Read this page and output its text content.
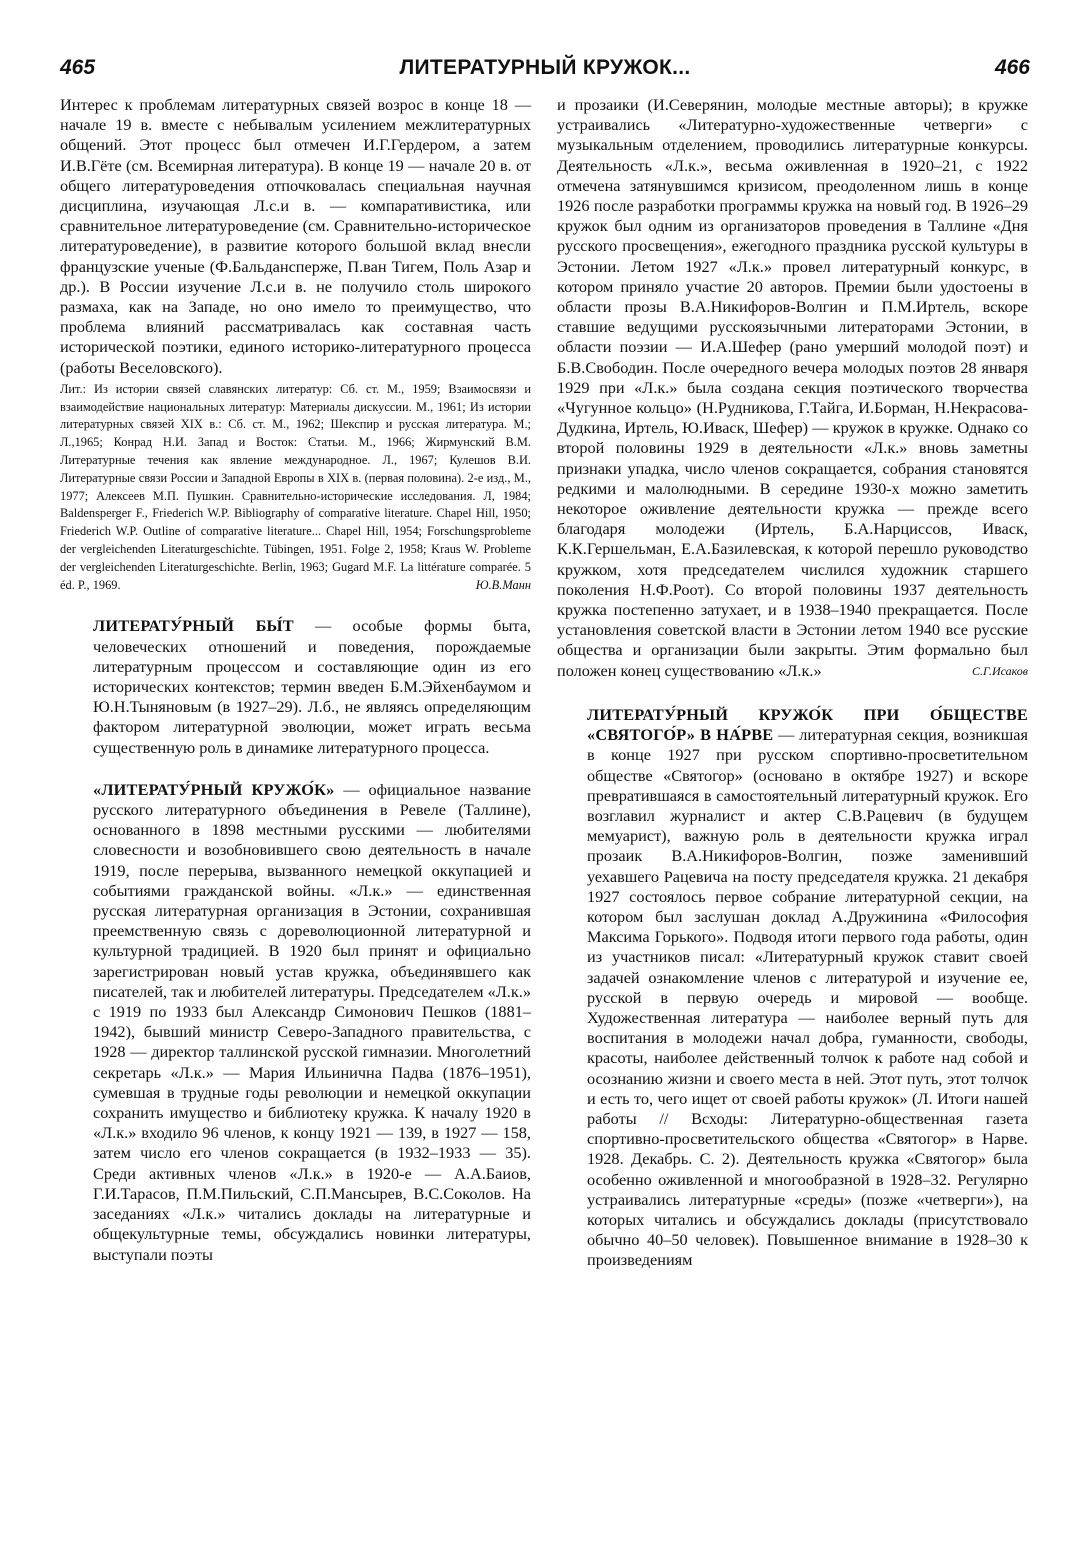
465	ЛИТЕРАТУРНЫЙ КРУЖОК...	466

Интерес к проблемам литературных связей возрос в конце 18 — начале 19 в. вместе с небывалым усилением межлитературных общений. Этот процесс был отмечен И.Г.Гердером, а затем И.В.Гёте (см. Всемирная литература). В конце 19 — начале 20 в. от общего литературоведения отпочковалась специальная научная дисциплина, изучающая Л.с.и в. — компаративистика, или сравнительное литературоведение (см. Сравнительно-историческое литературоведение), в развитие которого большой вклад внесли французские ученые (Ф.Бальдансперже, П.ван Тигем, Поль Азар и др.). В России изучение Л.с.и в. не получило столь широкого размаха, как на Западе, но оно имело то преимущество, что проблема влияний рассматривалась как составная часть исторической поэтики, единого историко-литературного процесса (работы Веселовского).

Лит.: Из истории связей славянских литератур: Сб. ст. М., 1959; Взаимосвязи и взаимодействие национальных литератур: Материалы дискуссии. М., 1961; Из истории литературных связей XIX в.: Сб. ст. М., 1962; Шекспир и русская литература. М.; Л.,1965; Конрад Н.И. Запад и Восток: Статьи. М., 1966; Жирмунский В.М. Литературные течения как явление международное. Л., 1967; Кулешов В.И. Литературные связи России и Западной Европы в XIX в. (первая половина). 2-е изд., М., 1977; Алексеев М.П. Пушкин. Сравнительно-исторические исследования. Л, 1984; Baldensperger F., Friederich W.P. Bibliography of comparative literature. Chapel Hill, 1950; Friederich W.P. Outline of comparative literature... Chapel Hill, 1954; Forschungsprobleme der vergleichenden Literaturgeschichte. Tübingen, 1951. Folge 2, 1958; Kraus W. Probleme der vergleichenden Literaturgeschichte. Berlin, 1963; Gugard M.F. La littérature comparée. 5 éd. P., 1969.	Ю.В.Манн

ЛИТЕРАТУ́РНЫЙ БЫ́Т — особые формы быта, человеческих отношений и поведения, порождаемые литературным процессом и составляющие один из его исторических контекстов; термин введен Б.М.Эйхенбаумом и Ю.Н.Тыняновым (в 1927–29). Л.б., не являясь определяющим фактором литературной эволюции, может играть весьма существенную роль в динамике литературного процесса.

«ЛИТЕРАТУ́РНЫЙ КРУЖО́К» — официальное название русского литературного объединения в Ревеле (Таллине), основанного в 1898 местными русскими — любителями словесности и возобновившего свою деятельность в начале 1919, после перерыва, вызванного немецкой оккупацией и событиями гражданской войны. «Л.к.» — единственная русская литературная организация в Эстонии, сохранившая преемственную связь с дореволюционной литературной и культурной традицией. В 1920 был принят и официально зарегистрирован новый устав кружка, объединявшего как писателей, так и любителей литературы. Председателем «Л.к.» с 1919 по 1933 был Александр Симонович Пешков (1881–1942), бывший министр Северо-Западного правительства, с 1928 — директор таллинской русской гимназии. Многолетний секретарь «Л.к.» — Мария Ильинична Падва (1876–1951), сумевшая в трудные годы революции и немецкой оккупации сохранить имущество и библиотеку кружка. К началу 1920 в «Л.к.» входило 96 членов, к концу 1921 — 139, в 1927 — 158, затем число его членов сокращается (в 1932–1933 — 35). Среди активных членов «Л.к.» в 1920-е — А.А.Баиов, Г.И.Тарасов, П.М.Пильский, С.П.Мансырев, В.С.Соколов. На заседаниях «Л.к.» читались доклады на литературные и общекультурные темы, обсуждались новинки литературы, выступали поэты

и прозаики (И.Северянин, молодые местные авторы); в кружке устраивались «Литературно-художественные четверги» с музыкальным отделением, проводились литературные конкурсы. Деятельность «Л.к.», весьма оживленная в 1920–21, с 1922 отмечена затянувшимся кризисом, преодоленном лишь в конце 1926 после разработки программы кружка на новый год. В 1926–29 кружок был одним из организаторов проведения в Таллине «Дня русского просвещения», ежегодного праздника русской культуры в Эстонии. Летом 1927 «Л.к.» провел литературный конкурс, в котором приняло участие 20 авторов. Премии были удостоены в области прозы В.А.Никифоров-Волгин и П.М.Иртель, вскоре ставшие ведущими русскоязычными литераторами Эстонии, в области поэзии — И.А.Шефер (рано умерший молодой поэт) и Б.В.Свободин. После очередного вечера молодых поэтов 28 января 1929 при «Л.к.» была создана секция поэтического творчества «Чугунное кольцо» (Н.Рудникова, Г.Тайга, И.Борман, Н.Некрасова-Дудкина, Иртель, Ю.Иваск, Шефер) — кружок в кружке. Однако со второй половины 1929 в деятельности «Л.к.» вновь заметны признаки упадка, число членов сокращается, собрания становятся редкими и малолюдными. В середине 1930-х можно заметить некоторое оживление деятельности кружка — прежде всего благодаря молодежи (Иртель, Б.А.Нарциссов, Иваск, К.К.Гершельман, Е.А.Базилевская, к которой перешло руководство кружком, хотя председателем числился художник старшего поколения Н.Ф.Роот). Со второй половины 1937 деятельность кружка постепенно затухает, и в 1938–1940 прекращается. После установления советской власти в Эстонии летом 1940 все русские общества и организации были закрыты. Этим формально был положен конец существованию «Л.к.»	С.Г.Исаков

ЛИТЕРАТУ́РНЫЙ КРУЖО́К ПРИ О́БЩЕСТВЕ «СВЯТОГО́Р» В НА́РВЕ — литературная секция, возникшая в конце 1927 при русском спортивно-просветительном обществе «Святогор» (основано в октябре 1927) и вскоре превратившаяся в самостоятельный литературный кружок. Его возглавил журналист и актер С.В.Рацевич (в будущем мемуарист), важную роль в деятельности кружка играл прозаик В.А.Никифоров-Волгин, позже заменивший уехавшего Рацевича на посту председателя кружка. 21 декабря 1927 состоялось первое собрание литературной секции, на котором был заслушан доклад А.Дружинина «Философия Максима Горького». Подводя итоги первого года работы, один из участников писал: «Литературный кружок ставит своей задачей ознакомление членов с литературой и изучение ее, русской в первую очередь и мировой — вообще. Художественная литература — наиболее верный путь для воспитания в молодежи начал добра, гуманности, свободы, красоты, наиболее действенный толчок к работе над собой и осознанию жизни и своего места в ней. Этот путь, этот толчок и есть то, чего ищет от своей работы кружок» (Л. Итоги нашей работы // Всходы: Литературно-общественная газета спортивно-просветительского общества «Святогор» в Нарве. 1928. Декабрь. С. 2). Деятельность кружка «Святогор» была особенно оживленной и многообразной в 1928–32. Регулярно устраивались литературные «среды» (позже «четверги»), на которых читались и обсуждались доклады (присутствовало обычно 40–50 человек). Повышенное внимание в 1928–30 к произведениям
